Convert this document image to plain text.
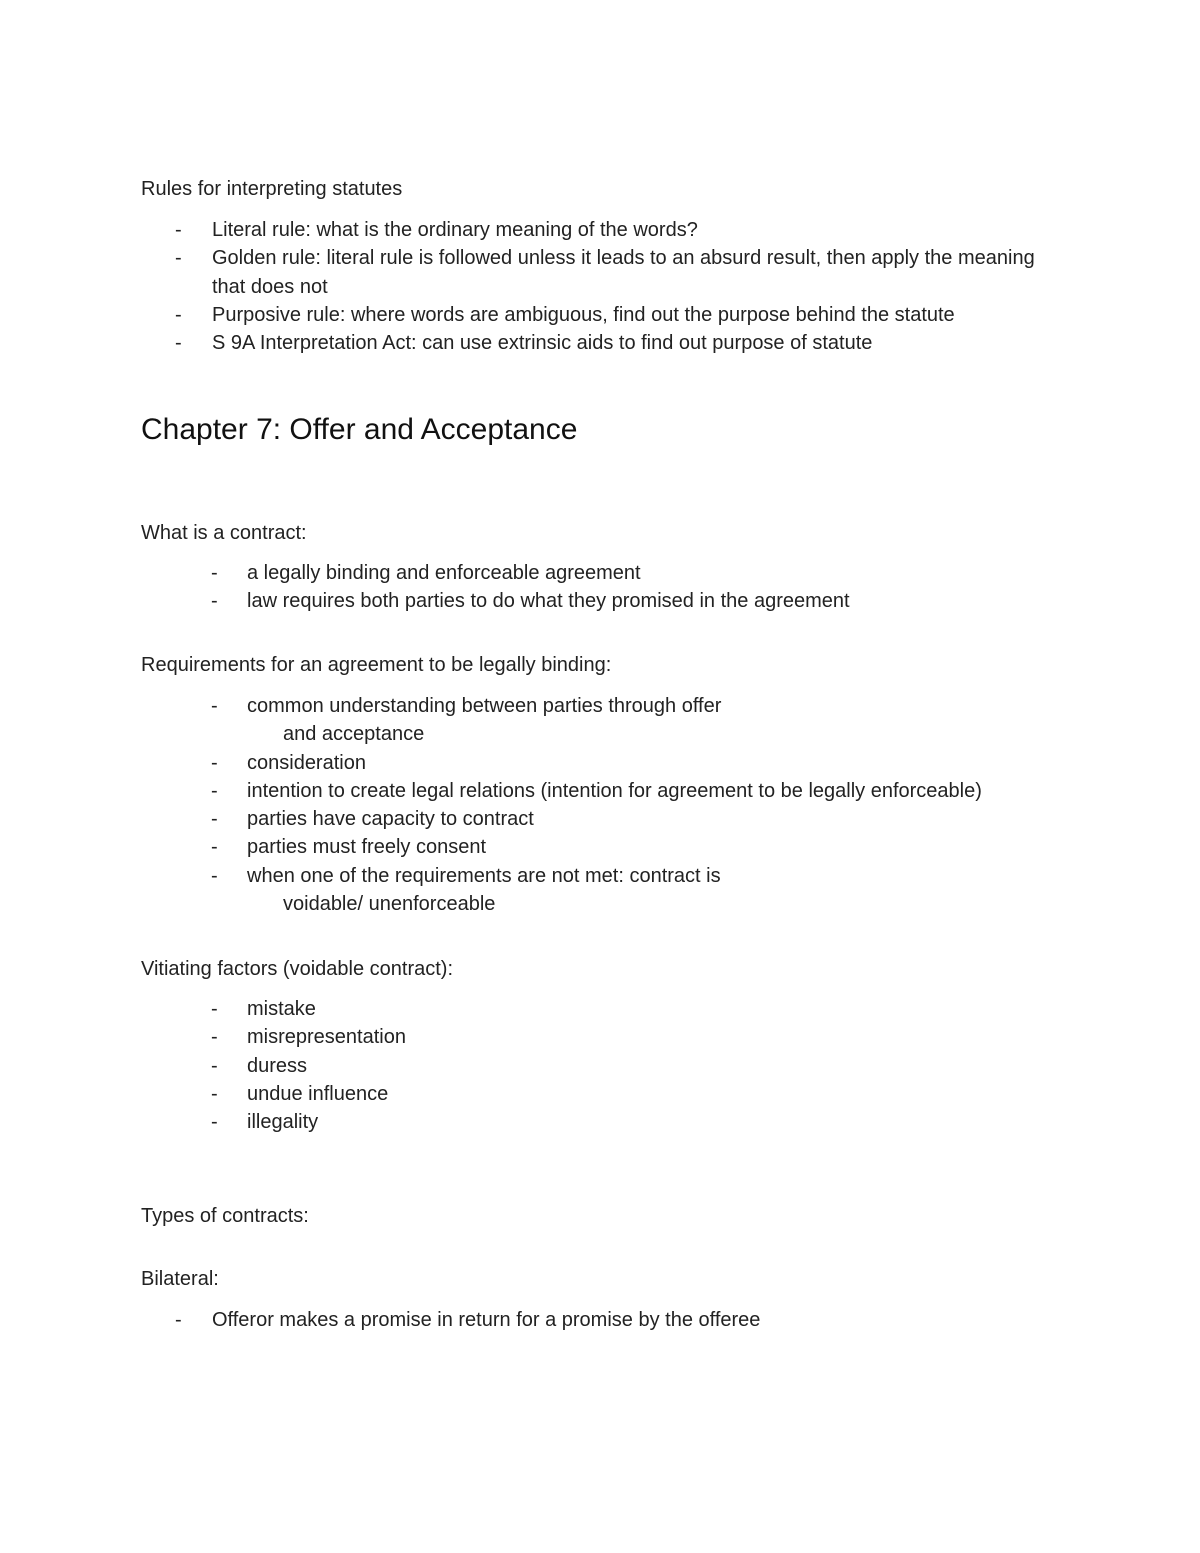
Rules for interpreting statutes

-	Literal rule: what is the ordinary meaning of the words?
-	Golden rule: literal rule is followed unless it leads to an absurd result, then apply the meaning that does not
-	Purposive rule: where words are ambiguous, find out the purpose behind the statute
-	S 9A Interpretation Act: can use extrinsic aids to find out purpose of statute
Chapter 7: Offer and Acceptance

What is a contract:

-	a legally binding and enforceable agreement
-	law requires both parties to do what they promised in the agreement

Requirements for an agreement to be legally binding:

-	common understanding between parties through offer
and acceptance
-	consideration
-	intention to create legal relations (intention for agreement to be legally enforceable)
-	parties have capacity to contract
-	parties must freely consent
-	when one of the requirements are not met: contract is
voidable/ unenforceable

Vitiating factors (voidable contract):

-	mistake
-	misrepresentation
-	duress
-	undue influence
-	illegality

Types of contracts:

Bilateral:

-	Offeror makes a promise in return for a promise by the offeree
